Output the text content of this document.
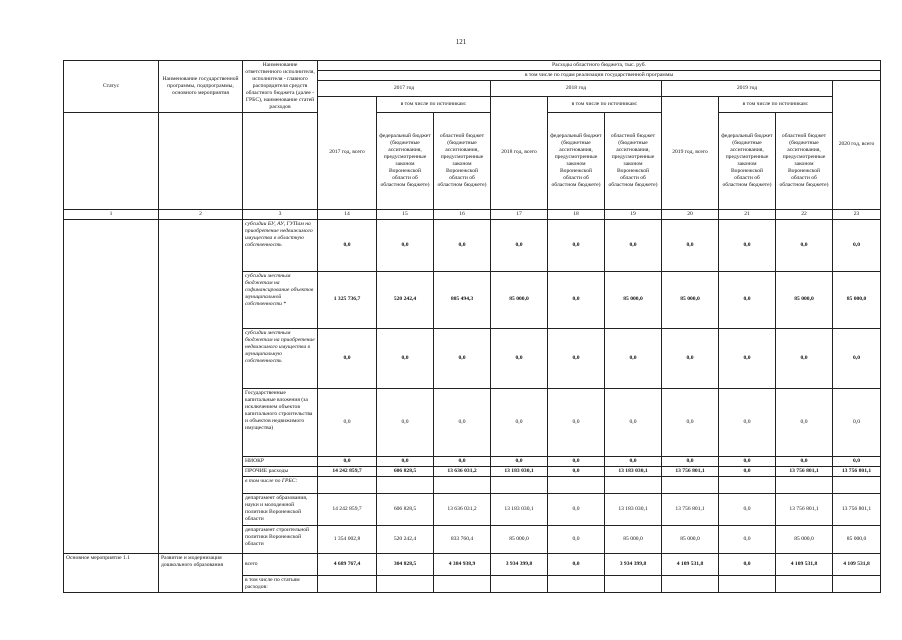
121
Статус	Наименование государственной программы, подпрограммы, основного мероприятия	Наименование ответственного исполнителя, исполнителя - главного распорядителя средств областного бюджета (далее - ГРБС), наименование статей расходов	Расходы областного бюджета, тыс. руб.									
			в том числе по годам реализации государственной программы									
			2017 год			2018 год			2019 год			2020 год, всего
			2017 год, всего	в том числе по источникам:		2018 год, всего	в том числе по источникам:		2019 год, всего	в том числе по источникам:		
				федеральный бюджет (бюджетные ассигнования, предусмотренные законом Воронежской области об областном бюджете)	областной бюджет (бюджетные ассигнования, предусмотренные законом Воронежской области об областном бюджете)		федеральный бюджет (бюджетные ассигнования, предусмотренные законом Воронежской области об областном бюджете)	областной бюджет (бюджетные ассигнования, предусмотренные законом Воронежской области об областном бюджете)		федеральный бюджет (бюджетные ассигнования, предусмотренные законом Воронежской области об областном бюджете)	областной бюджет (бюджетные ассигнования, предусмотренные законом Воронежской области об областном бюджете)	
1	2	3	14	15	16	17	18	19	20	21	22	23
		субсидии БУ, АУ, ГУПам на приобретение недвижимого имущества в областную собственность	0,0	0,0	0,0	0,0	0,0	0,0	0,0	0,0	0,0	0,0
		субсидии местным бюджетам на софинансирование объектов муниципальной собственности *	1 325 736,7	520 242,4	805 494,3	85 000,0	0,0	85 000,0	85 000,0	0,0	85 000,0	85 000,0
		субсидии местным бюджетам на приобретение недвижимого имущества в муниципальную собственность	0,0	0,0	0,0	0,0	0,0	0,0	0,0	0,0	0,0	0,0
		Государственные капитальные вложения (за исключением объектов капитального строительства и объектов недвижимого имущества)	0,0	0,0	0,0	0,0	0,0	0,0	0,0	0,0	0,0	0,0
		НИОКР	0,0	0,0	0,0	0,0	0,0	0,0	0,0	0,0	0,0	0,0
		ПРОЧИЕ расходы	14 242 859,7	606 828,5	13 636 031,2	13 183 030,1	0,0	13 183 030,1	13 756 801,1	0,0	13 756 801,1	13 756 801,1
		в том числе по ГРБС:										
		департамент образования, науки и молодежной политики Воронежской области	14 242 859,7	606 828,5	13 636 031,2	13 183 030,1	0,0	13 183 030,1	13 756 801,1	0,0	13 756 801,1	13 756 801,1
		департамент строительной политики Воронежской области	1 354 002,8	520 242,4	833 760,4	85 000,0	0,0	85 000,0	85 000,0	0,0	85 000,0	85 000,0
Основное мероприятие 1.1	Развитие и модернизация дошкольного образования	всего	4 689 767,4	304 828,5	4 384 938,9	3 934 399,8	0,0	3 934 399,8	4 109 531,8	0,0	4 109 531,8	4 109 531,8
		в том числе по статьям расходов:										
